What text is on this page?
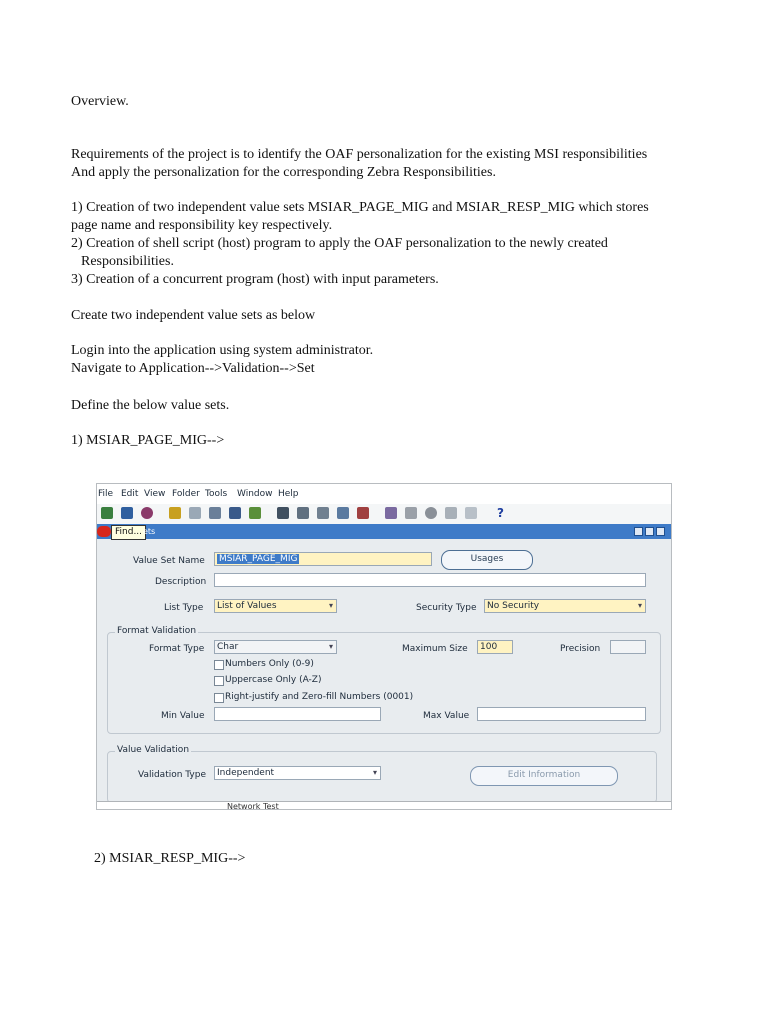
Overview.
Requirements of the project is to identify the OAF personalization for the existing MSI responsibilities
And apply the personalization for the corresponding Zebra Responsibilities.
1) Creation of two independent value sets MSIAR_PAGE_MIG and MSIAR_RESP_MIG which stores
page name and responsibility key respectively.
2) Creation of shell script (host) program to apply the OAF personalization to the newly created
Responsibilities.
3) Creation of a concurrent program (host) with input parameters.
Create two independent value sets as below
Login into the application using system administrator.
Navigate to Application-->Validation-->Set
Define the below value sets.
1) MSIAR_PAGE_MIG-->
2) MSIAR_RESP_MIG-->
File Edit View Folder Tools Window Help
?
Find... ets
Value Set Name	MSIAR_PAGE_MIG	Usages
Description
List Type	List of Values	▾	Security Type	No Security	▾
Format Validation
Format Type	Char	▾	Maximum Size	100	Precision
Numbers Only (0-9)
Uppercase Only (A-Z)
Right-justify and Zero-fill Numbers (0001)
Min Value	Max Value
Value Validation
Validation Type	Independent	▾	Edit Information
Network Test
